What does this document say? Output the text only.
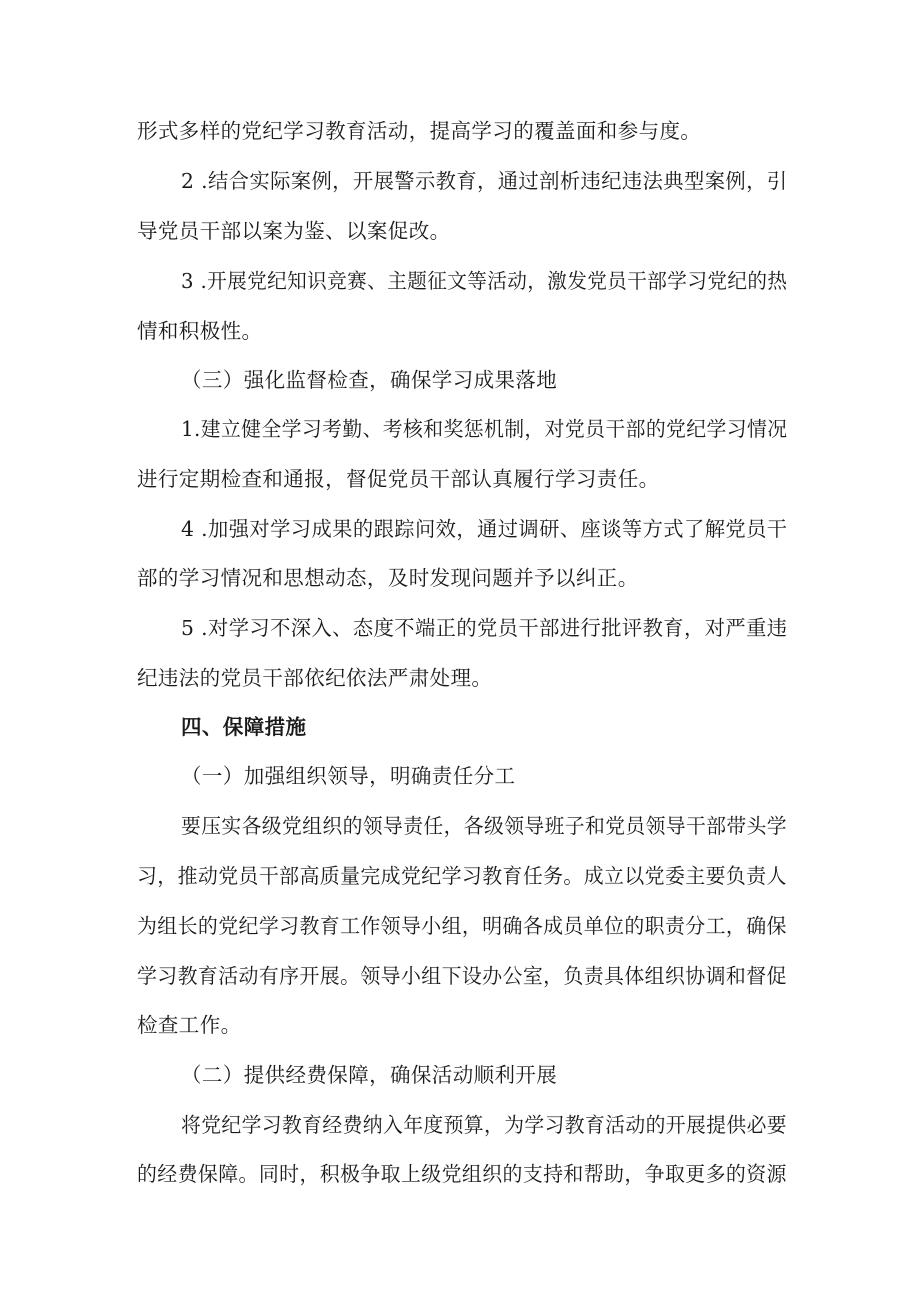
形式多样的党纪学习教育活动，提高学习的覆盖面和参与度。
2 .结合实际案例，开展警示教育，通过剖析违纪违法典型案例，引
导党员干部以案为鉴、以案促改。
3 .开展党纪知识竞赛、主题征文等活动，激发党员干部学习党纪的热
情和积极性。
（三）强化监督检查，确保学习成果落地
1.建立健全学习考勤、考核和奖惩机制，对党员干部的党纪学习情况
进行定期检查和通报，督促党员干部认真履行学习责任。
4 .加强对学习成果的跟踪问效，通过调研、座谈等方式了解党员干
部的学习情况和思想动态，及时发现问题并予以纠正。
5 .对学习不深入、态度不端正的党员干部进行批评教育，对严重违
纪违法的党员干部依纪依法严肃处理。
四、保障措施
（一）加强组织领导，明确责任分工
要压实各级党组织的领导责任，各级领导班子和党员领导干部带头学
习，推动党员干部高质量完成党纪学习教育任务。成立以党委主要负责人
为组长的党纪学习教育工作领导小组，明确各成员单位的职责分工，确保
学习教育活动有序开展。领导小组下设办公室，负责具体组织协调和督促
检查工作。
（二）提供经费保障，确保活动顺利开展
将党纪学习教育经费纳入年度预算，为学习教育活动的开展提供必要
的经费保障。同时，积极争取上级党组织的支持和帮助，争取更多的资源
